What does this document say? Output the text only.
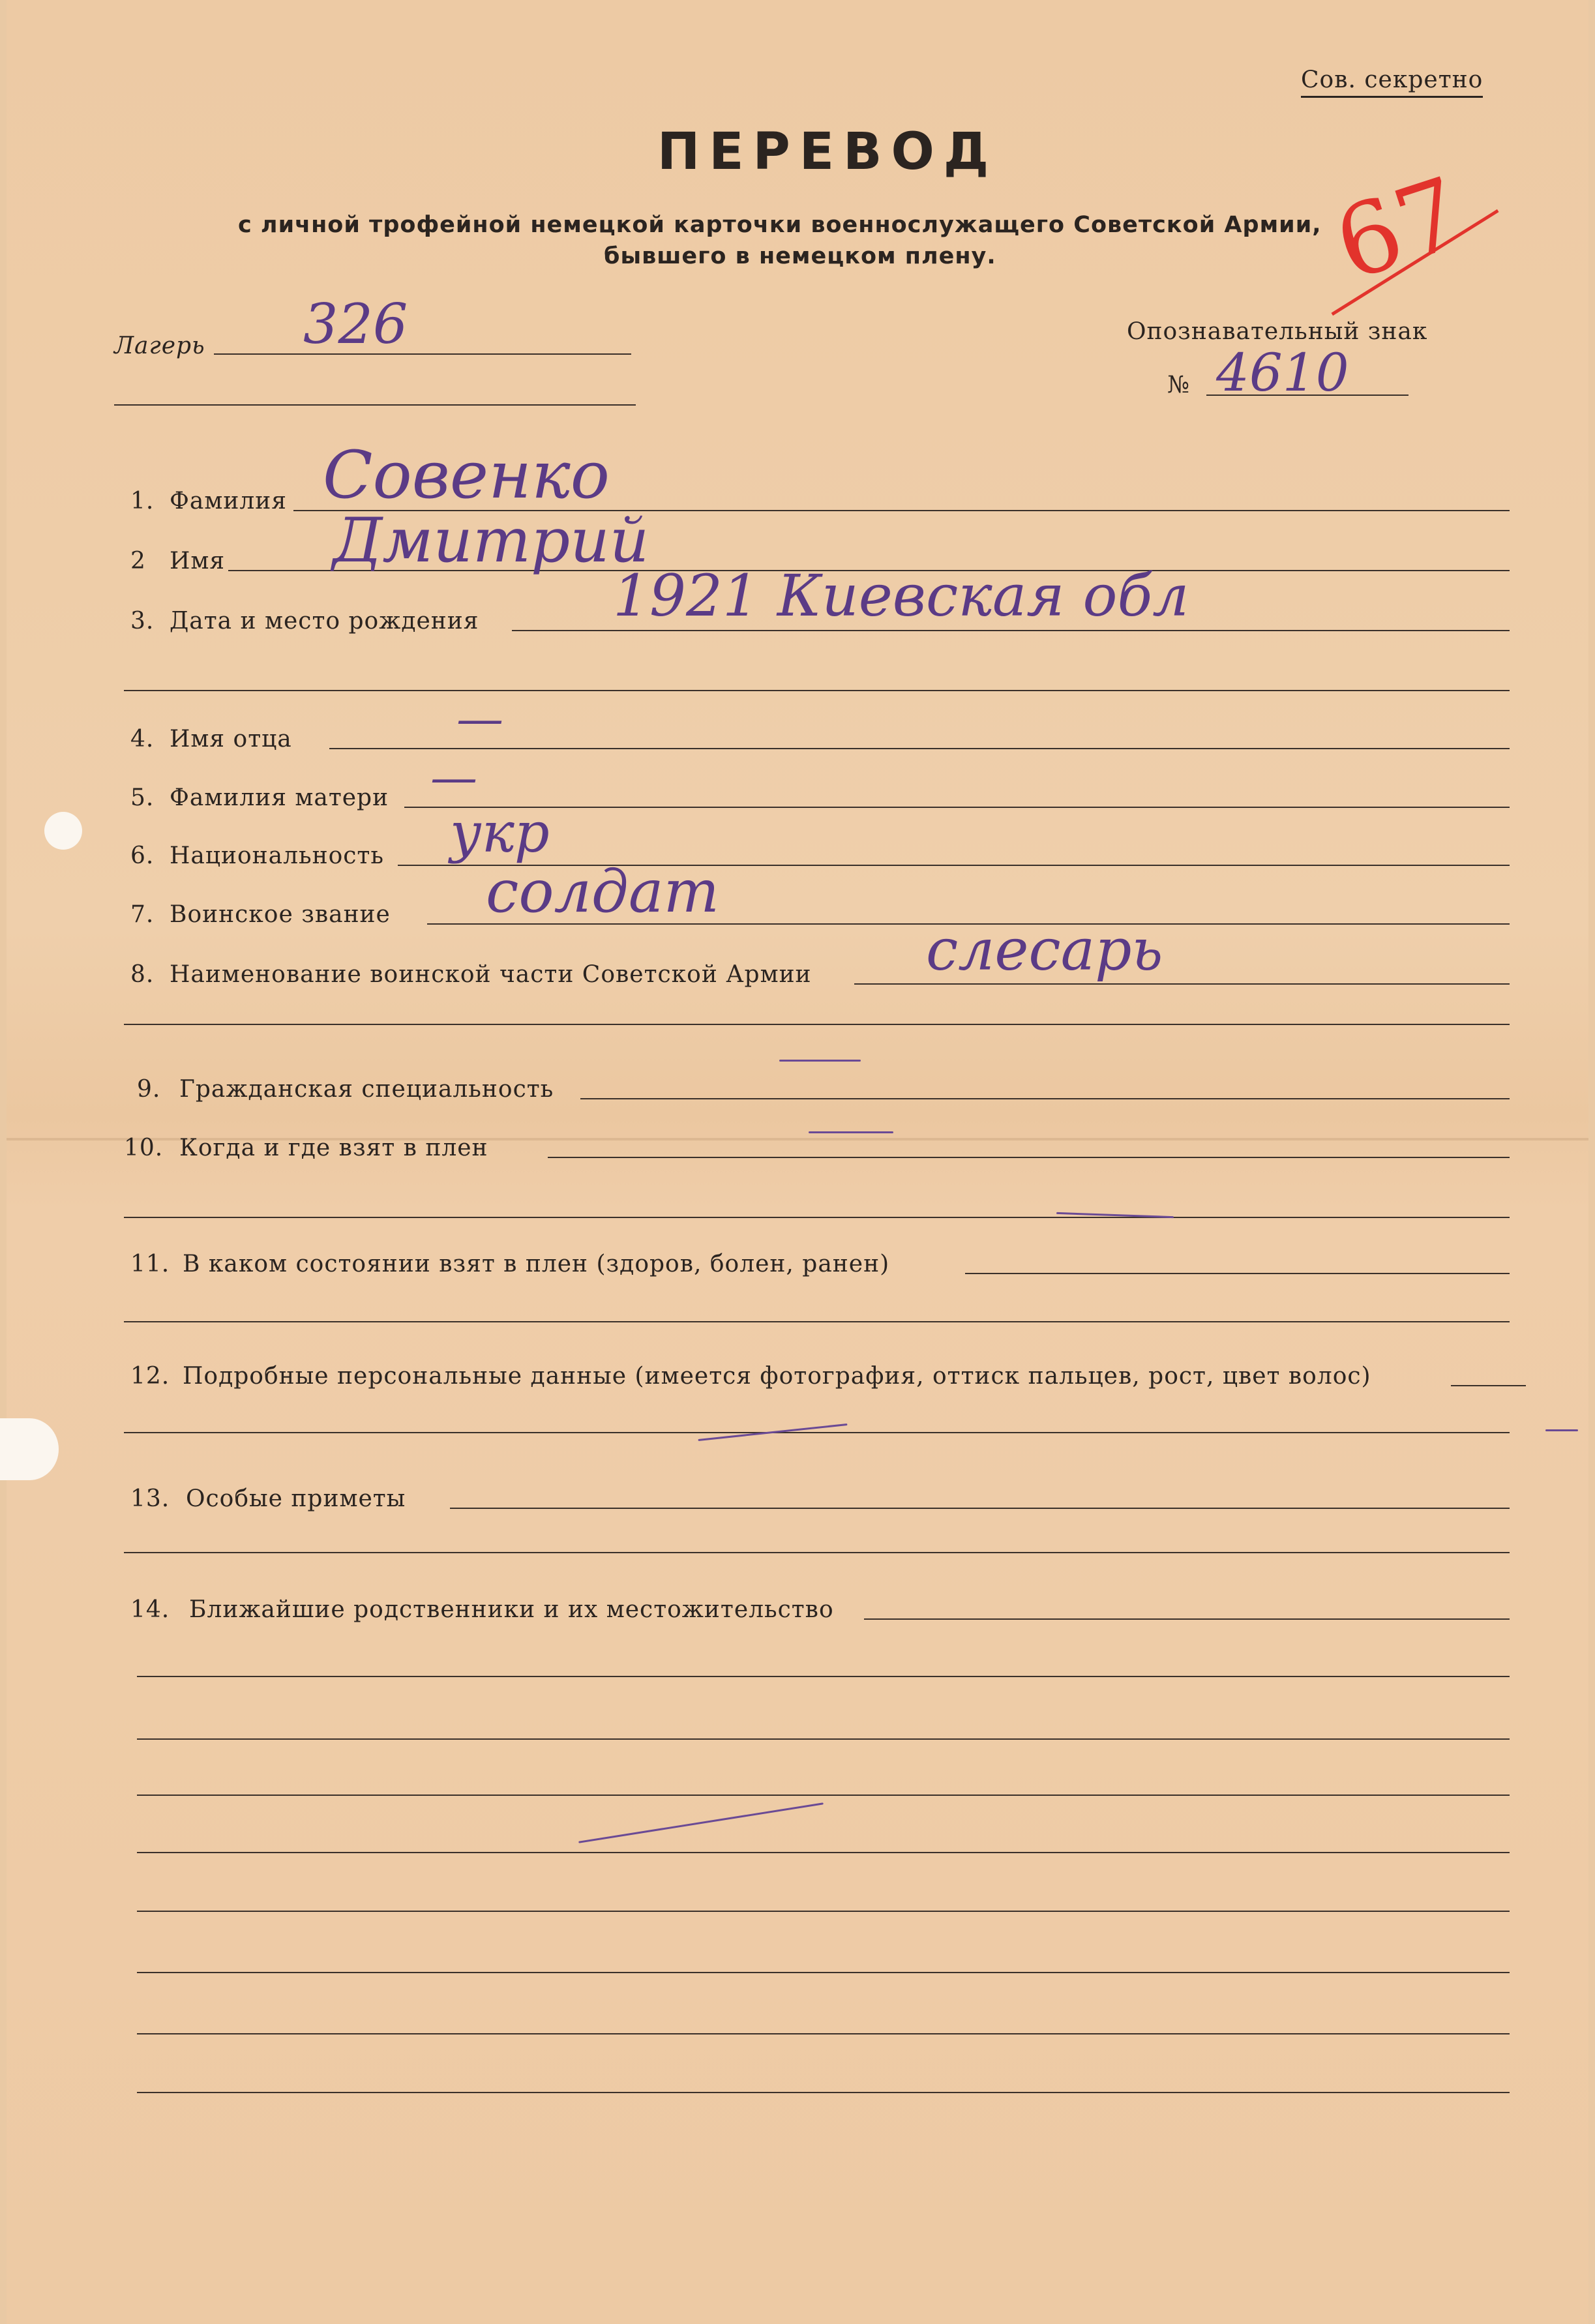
Сов. секретно
ПЕРЕВОД
с личной трофейной немецкой карточки военнослужащего Советской Армии,
бывшего в немецком плену.	67
Лагерь 326	Опознавательный знак
№ 4610
1. Фамилия Совенко
2 Имя Дмитрий
3. Дата и место рождения 1921 Киевская обл
4. Имя отца	—
5. Фамилия матери —
6. Национальность укр
7. Воинское звание солдат
8. Наименование воинской части Советской Армии слесарь
9. Гражданская специальность
10. Когда и где взят в плен
11. В каком состоянии взят в плен (здоров, болен, ранен)
12. Подробные персональные данные (имеется фотография, оттиск пальцев, рост, цвет волос)
13. Особые приметы
14. Ближайшие родственники и их местожительство
